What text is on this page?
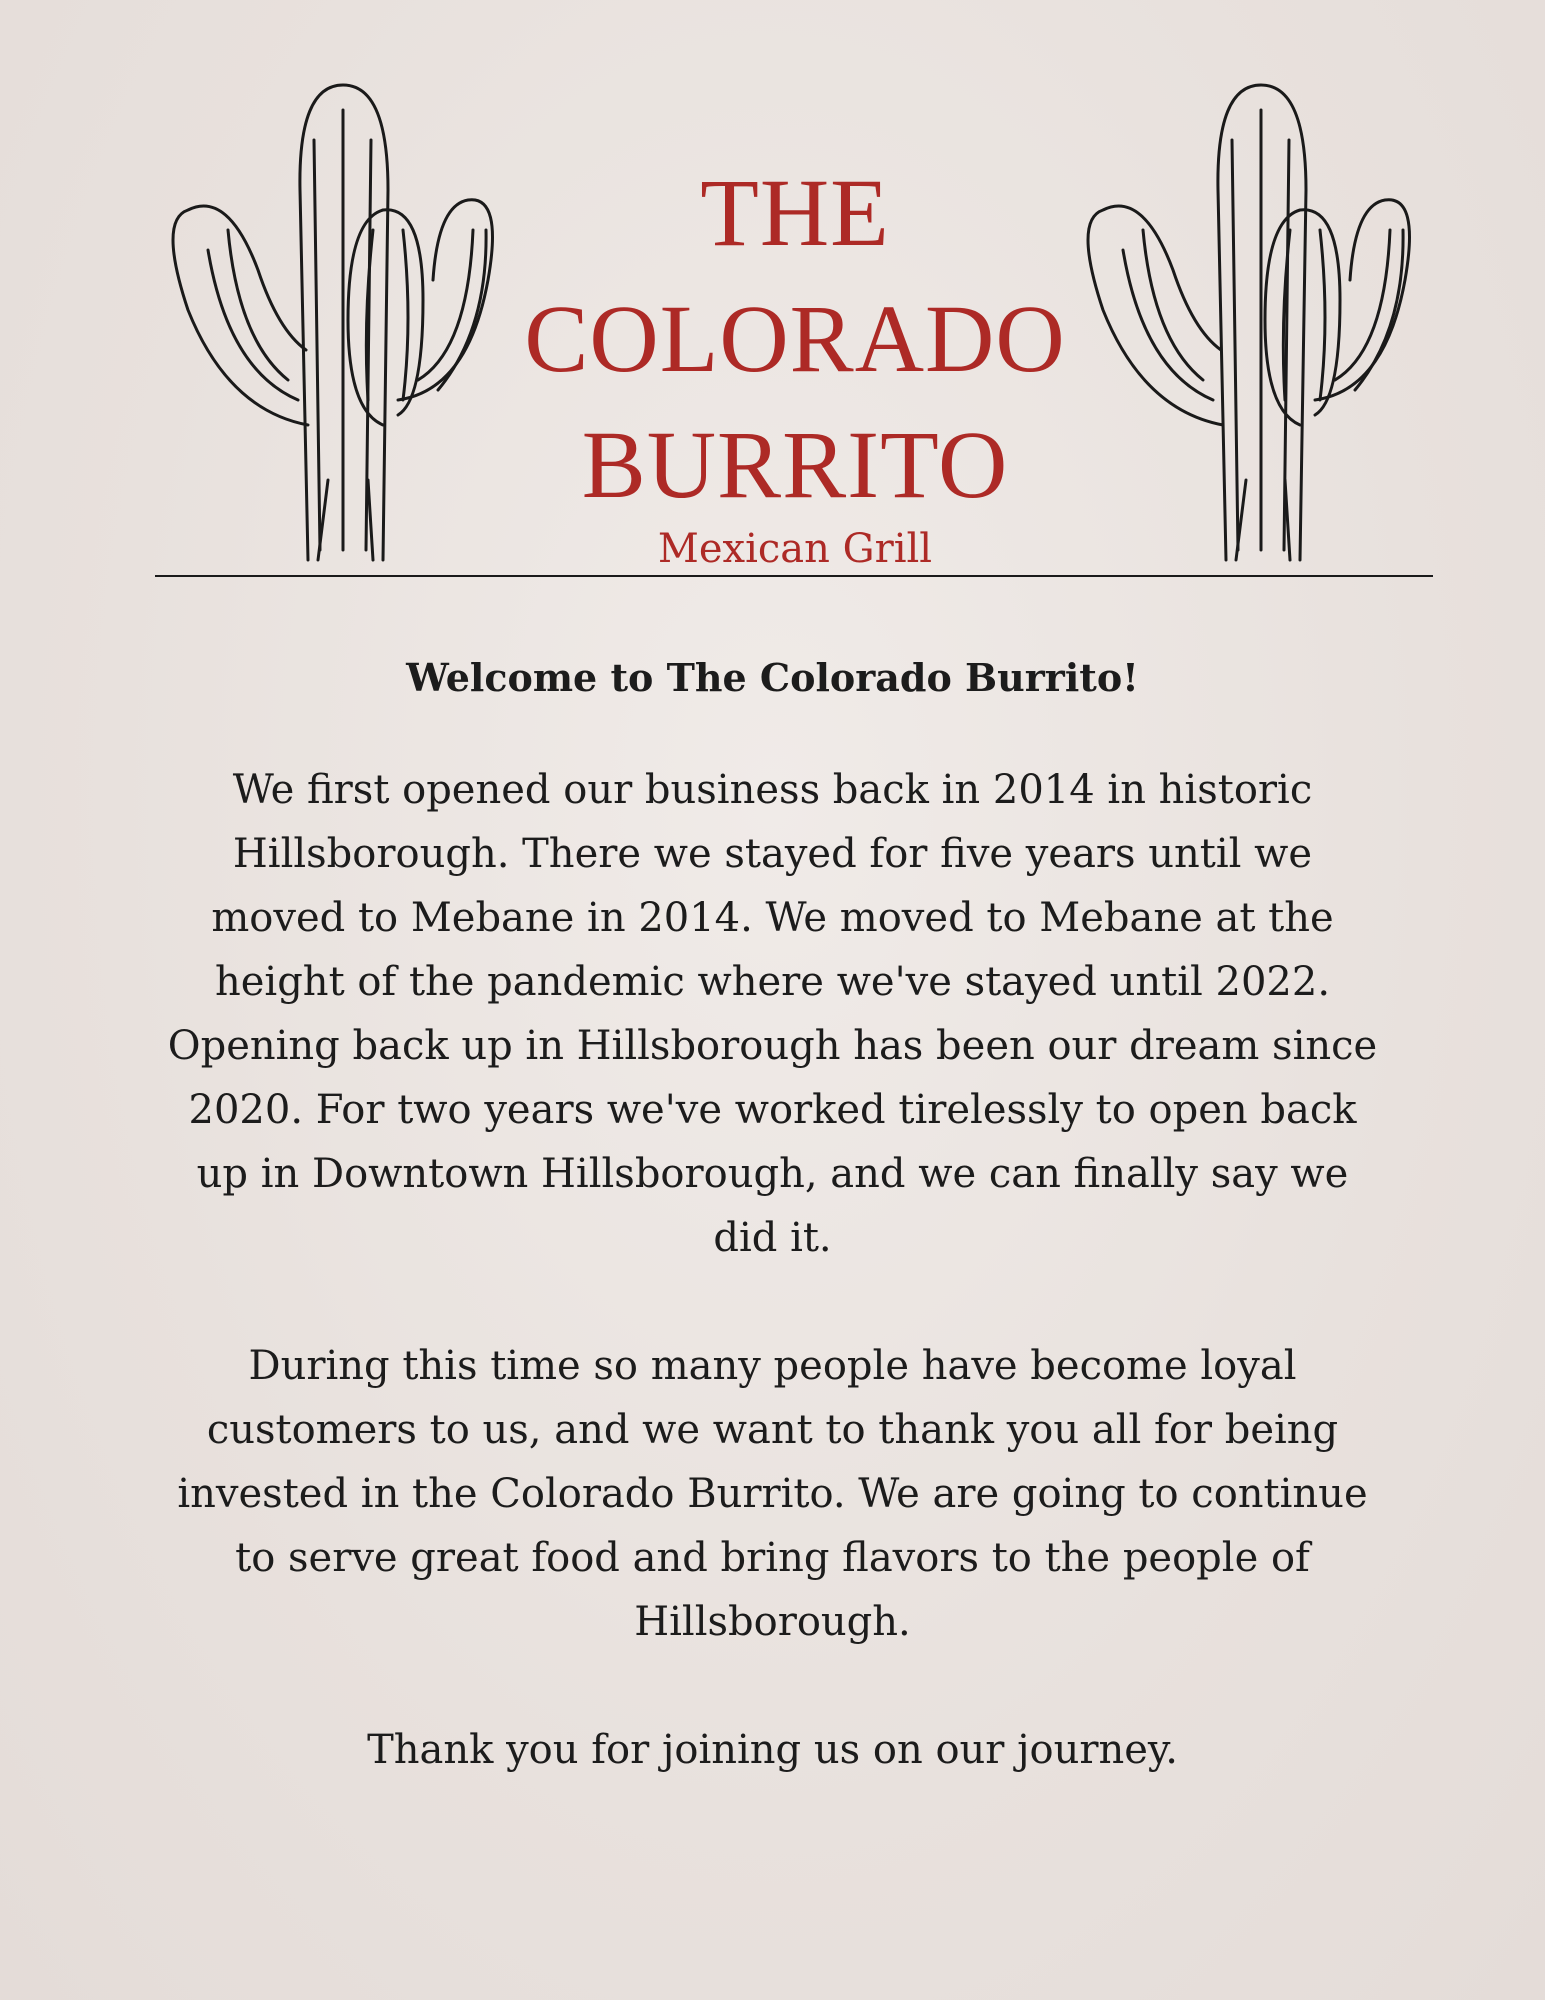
THE
COLORADO
BURRITO
Mexican Grill

Welcome to The Colorado Burrito!

We first opened our business back in 2014 in historic Hillsborough. There we stayed for five years until we moved to Mebane in 2014. We moved to Mebane at the height of the pandemic where we've stayed until 2022. Opening back up in Hillsborough has been our dream since 2020. For two years we've worked tirelessly to open back up in Downtown Hillsborough, and we can finally say we did it.

During this time so many people have become loyal customers to us, and we want to thank you all for being invested in the Colorado Burrito. We are going to continue to serve great food and bring flavors to the people of Hillsborough.

Thank you for joining us on our journey.
